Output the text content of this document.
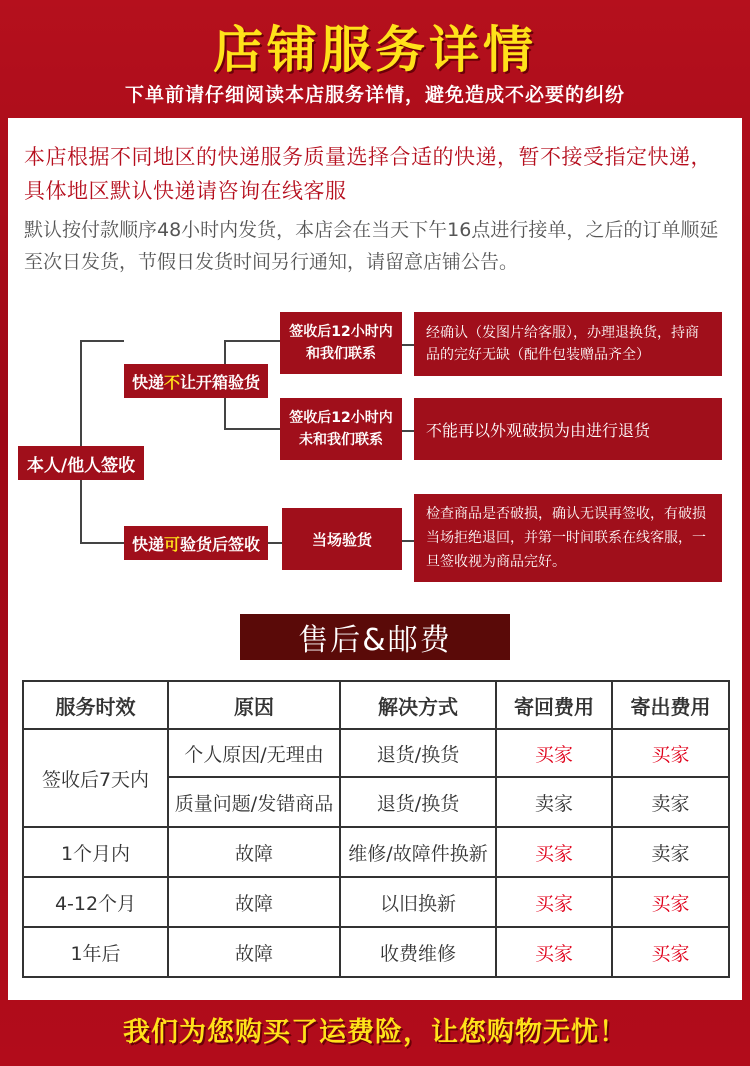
店铺服务详情
下单前请仔细阅读本店服务详情，避免造成不必要的纠纷
本店根据不同地区的快递服务质量选择合适的快递，暂不接受指定快递，具体地区默认快递请咨询在线客服
默认按付款顺序48小时内发货，本店会在当天下午16点进行接单，之后的订单顺延至次日发货，节假日发货时间另行通知，请留意店铺公告。
本人/他人签收
快递 不 让开箱验货
快递 可 验货后签收
签收后12小时内
和我们联系
签收后12小时内
未和我们联系
当场验货
经确认（发图片给客服），办理退换货，持商品的完好无缺（配件包装赠品齐全）
不能再以外观破损为由进行退货
检查商品是否破损，确认无误再签收，有破损当场拒绝退回，并第一时间联系在线客服，一旦签收视为商品完好。
售后&邮费
服务时效	原因	解决方式	寄回费用	寄出费用
签收后7天内	个人原因/无理由	退货/换货	买家	买家
	质量问题/发错商品	退货/换货	卖家	卖家
1个月内	故障	维修/故障件换新	买家	卖家
4-12个月	故障	以旧换新	买家	买家
1年后	故障	收费维修	买家	买家
我们为您购买了运费险，让您购物无忧！
